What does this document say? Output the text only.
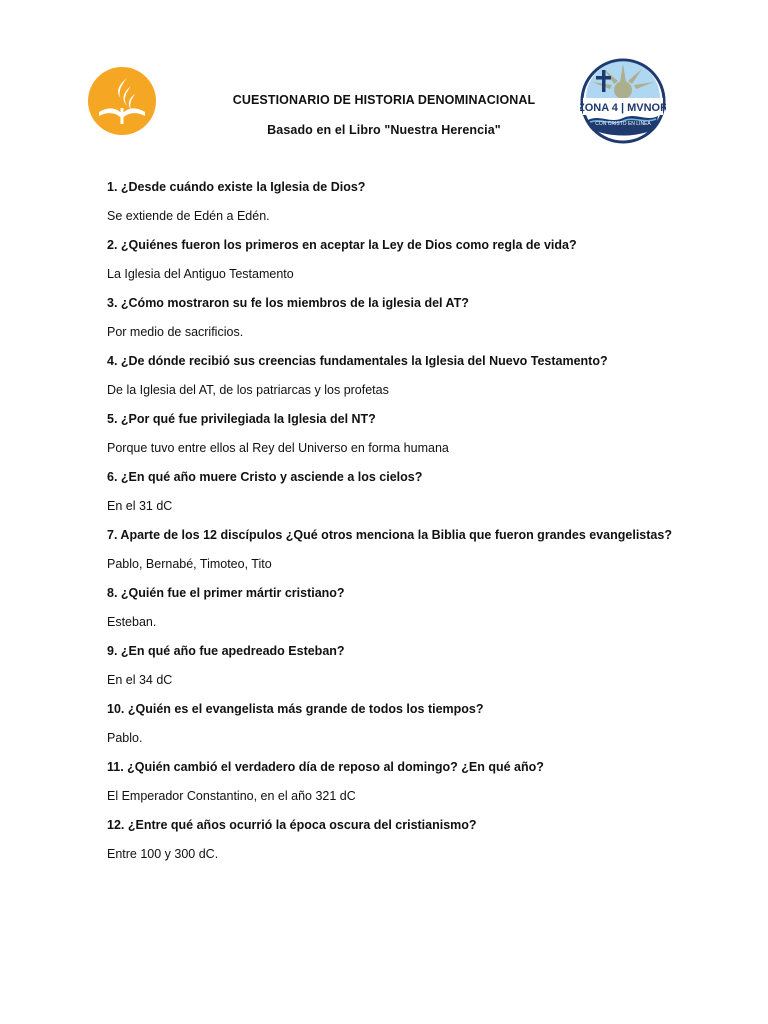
ZONA 4 | MVNOR
CON CRISTO EN LÍNEA
CUESTIONARIO DE HISTORIA DENOMINACIONAL
Basado en el Libro "Nuestra Herencia"
1. ¿Desde cuándo existe la Iglesia de Dios?
Se extiende de Edén a Edén.
2. ¿Quiénes fueron los primeros en aceptar la Ley de Dios como regla de vida?
La Iglesia del Antiguo Testamento
3. ¿Cómo mostraron su fe los miembros de la iglesia del AT?
Por medio de sacrificios.
4. ¿De dónde recibió sus creencias fundamentales la Iglesia del Nuevo Testamento?
De la Iglesia del AT, de los patriarcas y los profetas
5. ¿Por qué fue privilegiada la Iglesia del NT?
Porque tuvo entre ellos al Rey del Universo en forma humana
6. ¿En qué año muere Cristo y asciende a los cielos?
En el 31 dC
7. Aparte de los 12 discípulos ¿Qué otros menciona la Biblia que fueron grandes evangelistas?
Pablo, Bernabé, Timoteo, Tito
8. ¿Quién fue el primer mártir cristiano?
Esteban.
9. ¿En qué año fue apedreado Esteban?
En el 34 dC
10. ¿Quién es el evangelista más grande de todos los tiempos?
Pablo.
11. ¿Quién cambió el verdadero día de reposo al domingo? ¿En qué año?
El Emperador Constantino, en el año 321 dC
12. ¿Entre qué años ocurrió la época oscura del cristianismo?
Entre 100 y 300 dC.
